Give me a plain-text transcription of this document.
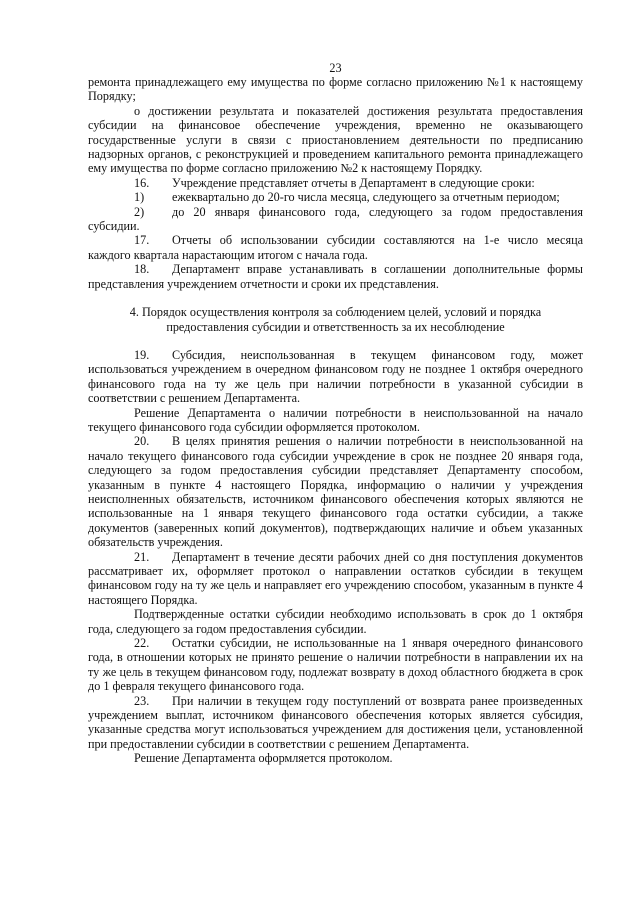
23

ремонта принадлежащего ему имущества по форме согласно приложению №1 к настоящему Порядку;

о достижении результата и показателей достижения результата предоставления субсидии на финансовое обеспечение учреждения, временно не оказывающего государственные услуги в связи с приостановлением деятельности по предписанию надзорных органов, с реконструкцией и проведением капитального ремонта принадлежащего ему имущества по форме согласно приложению №2 к настоящему Порядку.

16. Учреждение представляет отчеты в Департамент в следующие сроки:

1) ежеквартально до 20-го числа месяца, следующего за отчетным периодом;

2) до 20 января финансового года, следующего за годом предоставления субсидии.

17. Отчеты об использовании субсидии составляются на 1-е число месяца каждого квартала нарастающим итогом с начала года.

18. Департамент вправе устанавливать в соглашении дополнительные формы представления учреждением отчетности и сроки их представления.

4. Порядок осуществления контроля за соблюдением целей, условий и порядка
предоставления субсидии и ответственность за их несоблюдение

19. Субсидия, неиспользованная в текущем финансовом году, может использоваться учреждением в очередном финансовом году не позднее 1 октября очередного финансового года на ту же цель при наличии потребности в указанной субсидии в соответствии с решением Департамента.

Решение Департамента о наличии потребности в неиспользованной на начало текущего финансового года субсидии оформляется протоколом.

20. В целях принятия решения о наличии потребности в неиспользованной на начало текущего финансового года субсидии учреждение в срок не позднее 20 января года, следующего за годом предоставления субсидии представляет Департаменту способом, указанным в пункте 4 настоящего Порядка, информацию о наличии у учреждения неисполненных обязательств, источником финансового обеспечения которых являются не использованные на 1 января текущего финансового года остатки субсидии, а также документов (заверенных копий документов), подтверждающих наличие и объем указанных обязательств учреждения.

21. Департамент в течение десяти рабочих дней со дня поступления документов рассматривает их, оформляет протокол о направлении остатков субсидии в текущем финансовом году на ту же цель и направляет его учреждению способом, указанным в пункте 4 настоящего Порядка.

Подтвержденные остатки субсидии необходимо использовать в срок до 1 октября года, следующего за годом предоставления субсидии.

22. Остатки субсидии, не использованные на 1 января очередного финансового года, в отношении которых не принято решение о наличии потребности в направлении их на ту же цель в текущем финансовом году, подлежат возврату в доход областного бюджета в срок до 1 февраля текущего финансового года.

23. При наличии в текущем году поступлений от возврата ранее произведенных учреждением выплат, источником финансового обеспечения которых является субсидия, указанные средства могут использоваться учреждением для достижения цели, установленной при предоставлении субсидии в соответствии с решением Департамента.

Решение Департамента оформляется протоколом.
